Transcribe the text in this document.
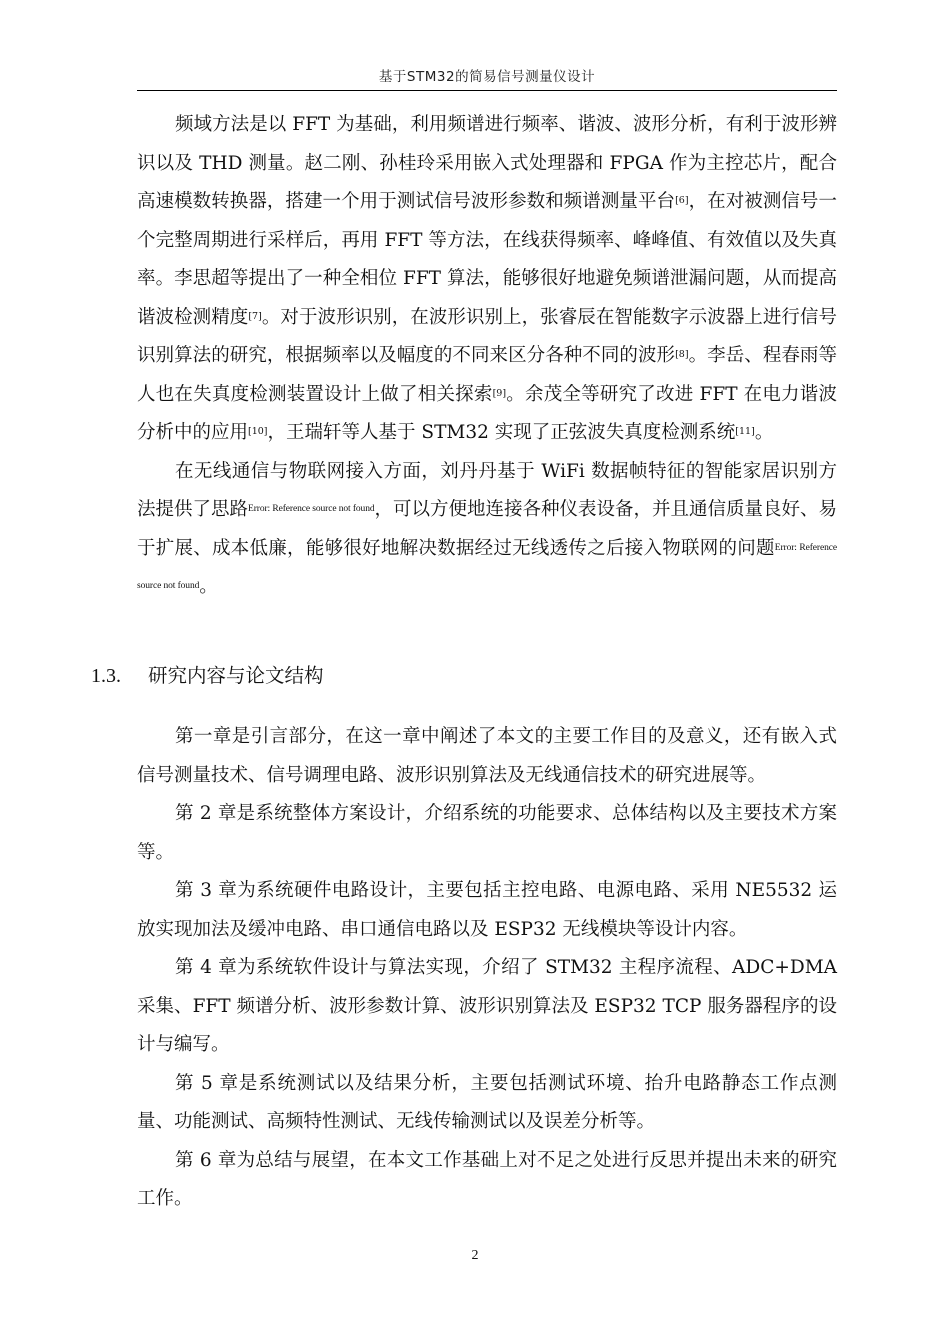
基于STM32的简易信号测量仪设计

频域方法是以 FFT 为基础，利用频谱进行频率、谐波、波形分析，有利于波形辨识以及 THD 测量。赵二刚、孙桂玲采用嵌入式处理器和 FPGA 作为主控芯片，配合高速模数转换器，搭建一个用于测试信号波形参数和频谱测量平台[6]，在对被测信号一个完整周期进行采样后，再用 FFT 等方法，在线获得频率、峰峰值、有效值以及失真率。李思超等提出了一种全相位 FFT 算法，能够很好地避免频谱泄漏问题，从而提高谐波检测精度[7]。对于波形识别，在波形识别上，张睿辰在智能数字示波器上进行信号识别算法的研究，根据频率以及幅度的不同来区分各种不同的波形[8]。李岳、程春雨等人也在失真度检测装置设计上做了相关探索[9]。余茂全等研究了改进 FFT 在电力谐波分析中的应用[10]，王瑞轩等人基于 STM32 实现了正弦波失真度检测系统[11]。

在无线通信与物联网接入方面，刘丹丹基于 WiFi 数据帧特征的智能家居识别方法提供了思路$^{Error: Reference source not found}$，可以方便地连接各种仪表设备，并且通信质量良好、易于扩展、成本低廉，能够很好地解决数据经过无线透传之后接入物联网的问题$^{Error: Reference source not found}$。

1.3. 研究内容与论文结构

第一章是引言部分，在这一章中阐述了本文的主要工作目的及意义，还有嵌入式信号测量技术、信号调理电路、波形识别算法及无线通信技术的研究进展等。

第 2 章是系统整体方案设计，介绍系统的功能要求、总体结构以及主要技术方案等。

第 3 章为系统硬件电路设计，主要包括主控电路、电源电路、采用 NE5532 运放实现加法及缓冲电路、串口通信电路以及 ESP32 无线模块等设计内容。

第 4 章为系统软件设计与算法实现，介绍了 STM32 主程序流程、ADC+DMA 采集、FFT 频谱分析、波形参数计算、波形识别算法及 ESP32 TCP 服务器程序的设计与编写。

第 5 章是系统测试以及结果分析，主要包括测试环境、抬升电路静态工作点测量、功能测试、高频特性测试、无线传输测试以及误差分析等。

第 6 章为总结与展望，在本文工作基础上对不足之处进行反思并提出未来的研究工作。

2
